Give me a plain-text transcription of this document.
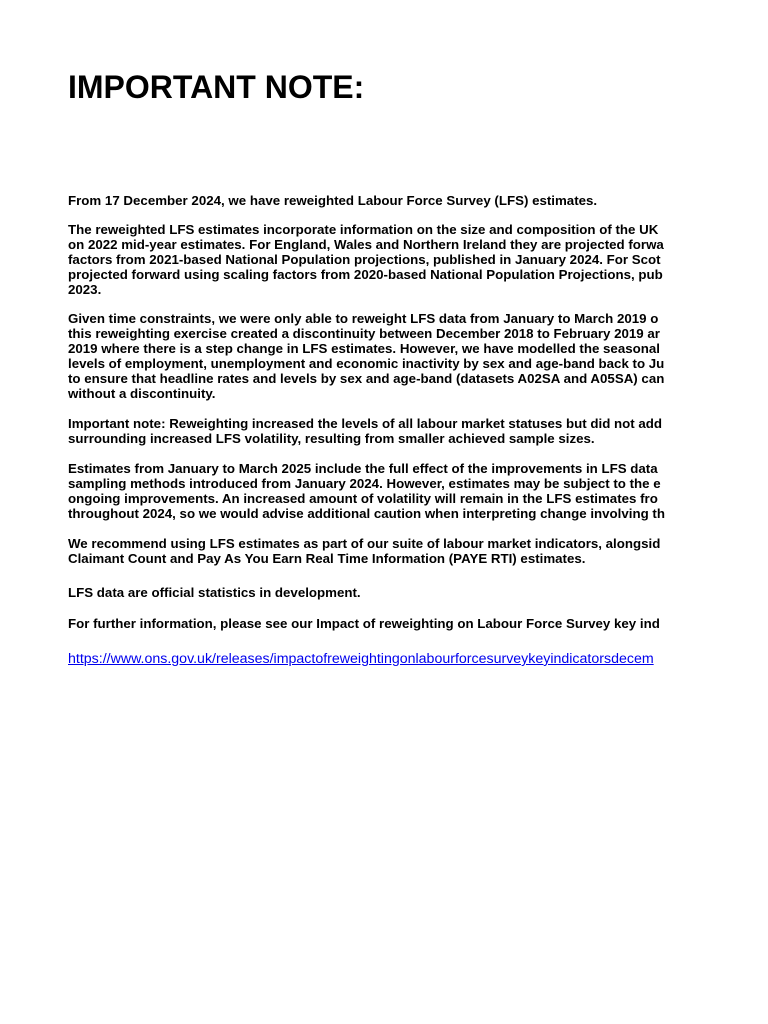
IMPORTANT NOTE:

From 17 December 2024, we have reweighted Labour Force Survey (LFS) estimates.

The reweighted LFS estimates incorporate information on the size and composition of the UK
on 2022 mid-year estimates. For England, Wales and Northern Ireland they are projected forwa
factors from 2021-based National Population projections, published in January 2024. For Scot
projected forward using scaling factors from 2020-based National Population Projections, pub
2023.

Given time constraints, we were only able to reweight LFS data from January to March 2019 o
this reweighting exercise created a discontinuity between December 2018 to February 2019 ar
2019 where there is a step change in LFS estimates. However, we have modelled the seasonal
levels of employment, unemployment and economic inactivity by sex and age-band back to Ju
to ensure that headline rates and levels by sex and age-band (datasets A02SA and A05SA) can
without a discontinuity.

Important note: Reweighting increased the levels of all labour market statuses but did not add
surrounding increased LFS volatility, resulting from smaller achieved sample sizes.

Estimates from January to March 2025 include the full effect of the improvements in LFS data
sampling methods introduced from January 2024. However, estimates may be subject to the e
ongoing improvements. An increased amount of volatility will remain in the LFS estimates fro
throughout 2024, so we would advise additional caution when interpreting change involving th

We recommend using LFS estimates as part of our suite of labour market indicators, alongsid
Claimant Count and Pay As You Earn Real Time Information (PAYE RTI) estimates.

LFS data are official statistics in development.

For further information, please see our Impact of reweighting on Labour Force Survey key ind

https://www.ons.gov.uk/releases/impactofreweightingonlabourforcesurveykeyindicatorsdecem
